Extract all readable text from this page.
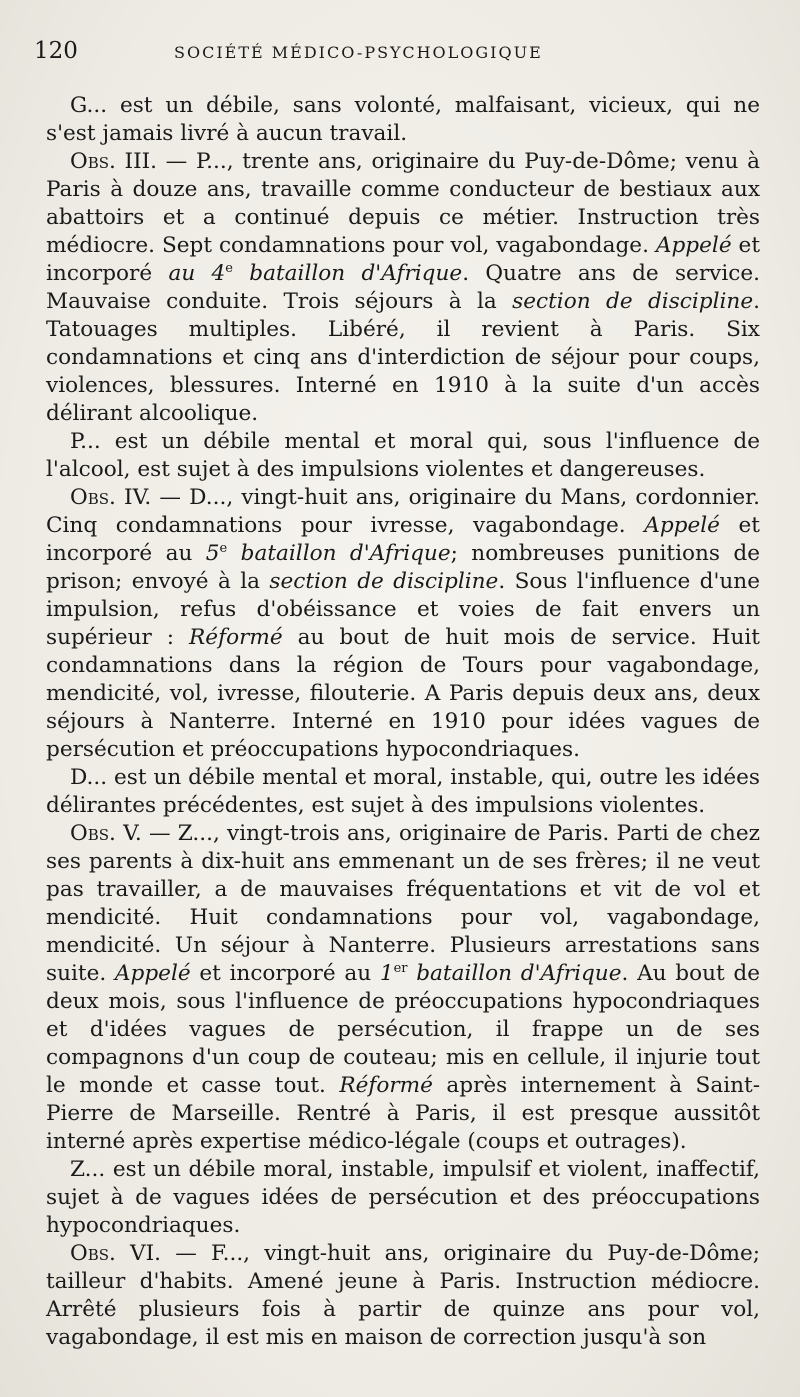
120	SOCIÉTÉ MÉDICO-PSYCHOLOGIQUE

G... est un débile, sans volonté, malfaisant, vicieux, qui ne s'est jamais livré à aucun travail.

Obs. III. — P..., trente ans, originaire du Puy-de-Dôme; venu à Paris à douze ans, travaille comme conducteur de bestiaux aux abattoirs et a continué depuis ce métier. Instruction très médiocre. Sept condamnations pour vol, vagabondage. Appelé et incorporé au 4e bataillon d'Afrique. Quatre ans de service. Mauvaise conduite. Trois séjours à la section de discipline. Tatouages multiples. Libéré, il revient à Paris. Six condamnations et cinq ans d'interdiction de séjour pour coups, violences, blessures. Interné en 1910 à la suite d'un accès délirant alcoolique.

P... est un débile mental et moral qui, sous l'influence de l'alcool, est sujet à des impulsions violentes et dangereuses.

Obs. IV. — D..., vingt-huit ans, originaire du Mans, cordonnier. Cinq condamnations pour ivresse, vagabondage. Appelé et incorporé au 5e bataillon d'Afrique; nombreuses punitions de prison; envoyé à la section de discipline. Sous l'influence d'une impulsion, refus d'obéissance et voies de fait envers un supérieur : Réformé au bout de huit mois de service. Huit condamnations dans la région de Tours pour vagabondage, mendicité, vol, ivresse, filouterie. A Paris depuis deux ans, deux séjours à Nanterre. Interné en 1910 pour idées vagues de persécution et préoccupations hypocondriaques.

D... est un débile mental et moral, instable, qui, outre les idées délirantes précédentes, est sujet à des impulsions violentes.

Obs. V. — Z..., vingt-trois ans, originaire de Paris. Parti de chez ses parents à dix-huit ans emmenant un de ses frères; il ne veut pas travailler, a de mauvaises fréquentations et vit de vol et mendicité. Huit condamnations pour vol, vagabondage, mendicité. Un séjour à Nanterre. Plusieurs arrestations sans suite. Appelé et incorporé au 1er bataillon d'Afrique. Au bout de deux mois, sous l'influence de préoccupations hypocondriaques et d'idées vagues de persécution, il frappe un de ses compagnons d'un coup de couteau; mis en cellule, il injurie tout le monde et casse tout. Réformé après internement à Saint-Pierre de Marseille. Rentré à Paris, il est presque aussitôt interné après expertise médico-légale (coups et outrages).

Z... est un débile moral, instable, impulsif et violent, inaffectif, sujet à de vagues idées de persécution et des préoccupations hypocondriaques.

Obs. VI. — F..., vingt-huit ans, originaire du Puy-de-Dôme; tailleur d'habits. Amené jeune à Paris. Instruction médiocre. Arrêté plusieurs fois à partir de quinze ans pour vol, vagabondage, il est mis en maison de correction jusqu'à son
